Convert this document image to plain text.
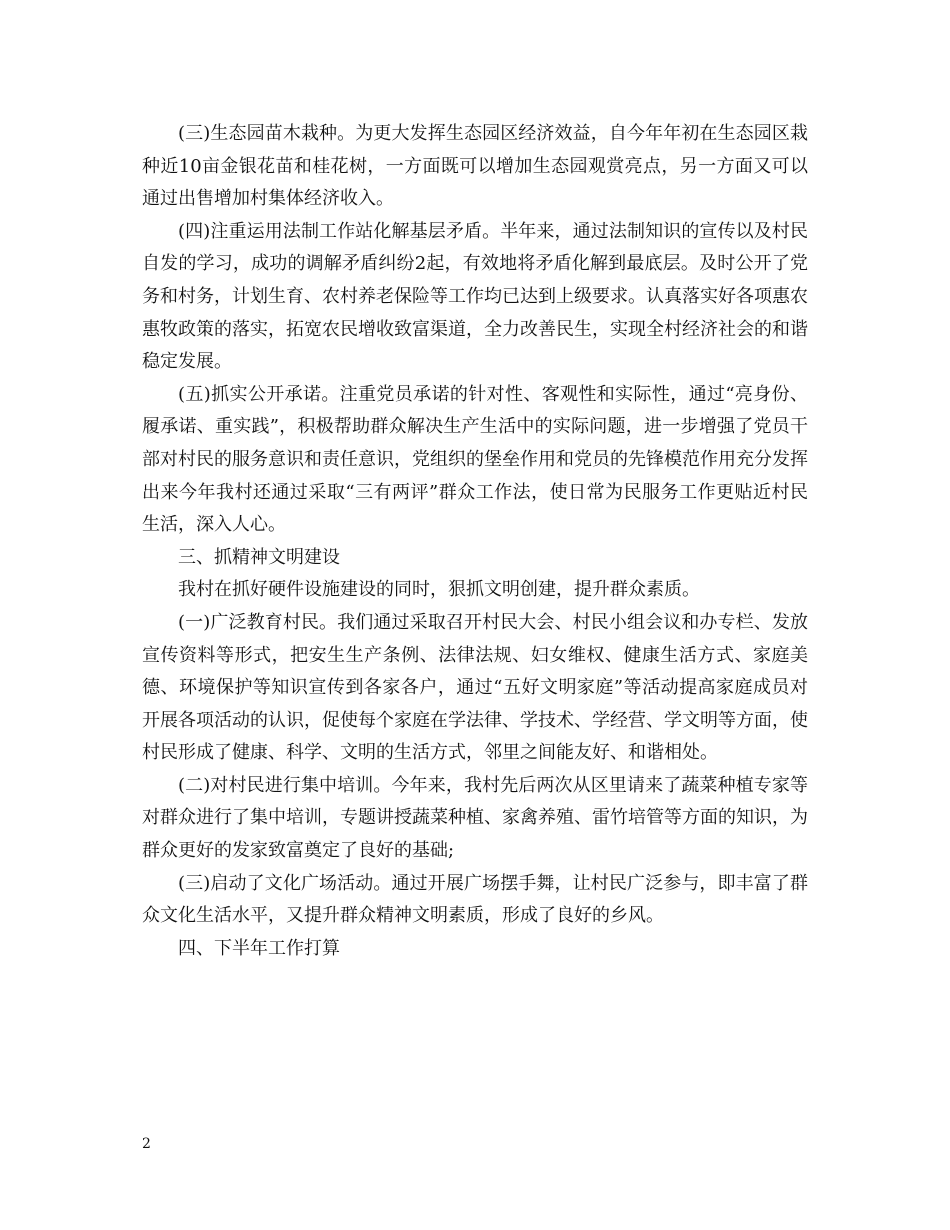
(三)生态园苗木栽种。为更大发挥生态园区经济效益，自今年年初在生态园区栽种近10亩金银花苗和桂花树，一方面既可以增加生态园观赏亮点，另一方面又可以通过出售增加村集体经济收入。

(四)注重运用法制工作站化解基层矛盾。半年来，通过法制知识的宣传以及村民自发的学习，成功的调解矛盾纠纷2起，有效地将矛盾化解到最底层。及时公开了党务和村务，计划生育、农村养老保险等工作均已达到上级要求。认真落实好各项惠农惠牧政策的落实，拓宽农民增收致富渠道，全力改善民生，实现全村经济社会的和谐稳定发展。

(五)抓实公开承诺。注重党员承诺的针对性、客观性和实际性，通过“亮身份、履承诺、重实践”，积极帮助群众解决生产生活中的实际问题，进一步增强了党员干部对村民的服务意识和责任意识，党组织的堡垒作用和党员的先锋模范作用充分发挥出来今年我村还通过采取“三有两评”群众工作法，使日常为民服务工作更贴近村民生活，深入人心。

三、抓精神文明建设

我村在抓好硬件设施建设的同时，狠抓文明创建，提升群众素质。

(一)广泛教育村民。我们通过采取召开村民大会、村民小组会议和办专栏、发放宣传资料等形式，把安生生产条例、法律法规、妇女维权、健康生活方式、家庭美德、环境保护等知识宣传到各家各户，通过“五好文明家庭”等活动提高家庭成员对开展各项活动的认识，促使每个家庭在学法律、学技术、学经营、学文明等方面，使村民形成了健康、科学、文明的生活方式，邻里之间能友好、和谐相处。

(二)对村民进行集中培训。今年来，我村先后两次从区里请来了蔬菜种植专家等对群众进行了集中培训，专题讲授蔬菜种植、家禽养殖、雷竹培管等方面的知识，为群众更好的发家致富奠定了良好的基础;

(三)启动了文化广场活动。通过开展广场摆手舞，让村民广泛参与，即丰富了群众文化生活水平，又提升群众精神文明素质，形成了良好的乡风。

四、下半年工作打算

2
